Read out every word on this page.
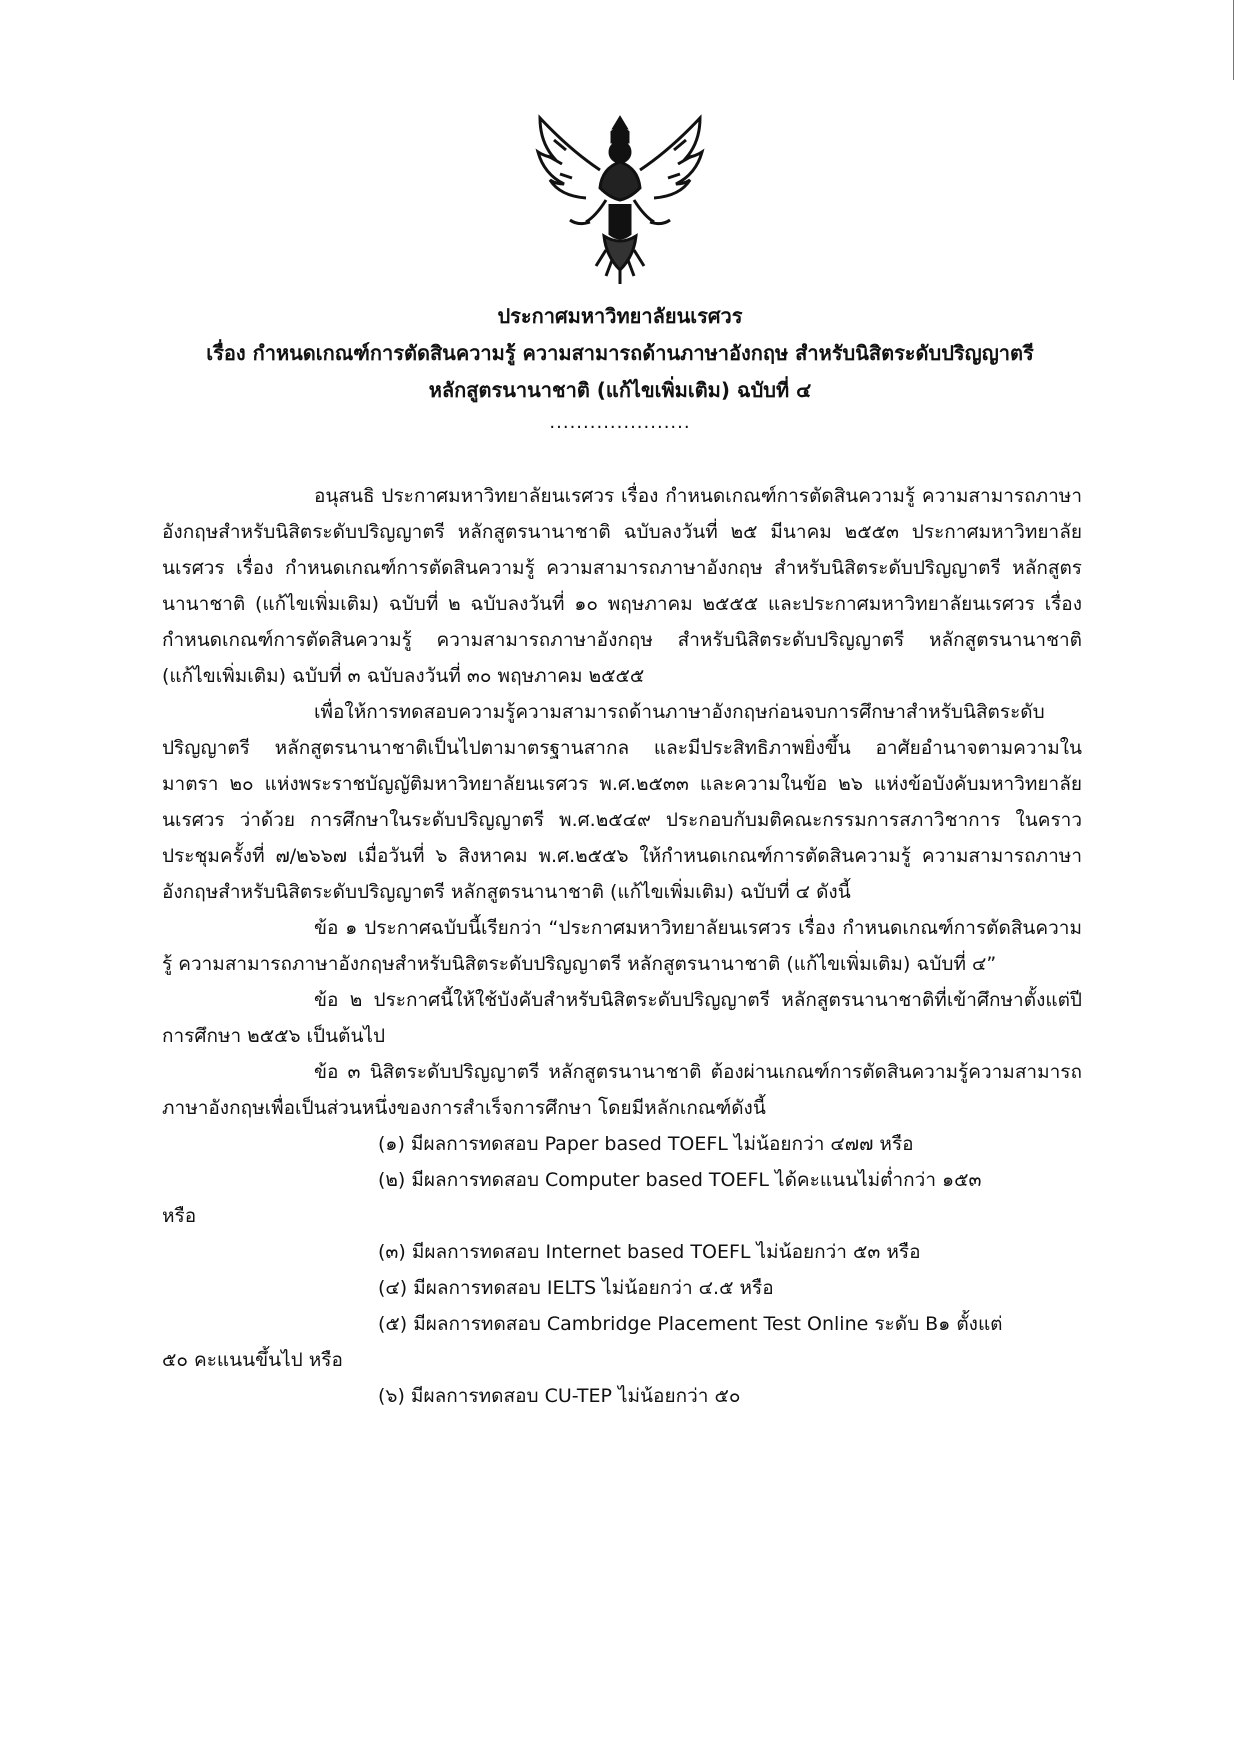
ประกาศมหาวิทยาลัยนเรศวร
เรื่อง กำหนดเกณฑ์การตัดสินความรู้ ความสามารถด้านภาษาอังกฤษ สำหรับนิสิตระดับปริญญาตรี
หลักสูตรนานาชาติ (แก้ไขเพิ่มเติม) ฉบับที่ ๔
.....................

อนุสนธิ ประกาศมหาวิทยาลัยนเรศวร เรื่อง กำหนดเกณฑ์การตัดสินความรู้ ความสามารถภาษาอังกฤษสำหรับนิสิตระดับปริญญาตรี หลักสูตรนานาชาติ ฉบับลงวันที่ ๒๕ มีนาคม ๒๕๕๓ ประกาศมหาวิทยาลัยนเรศวร เรื่อง กำหนดเกณฑ์การตัดสินความรู้ ความสามารถภาษาอังกฤษ สำหรับนิสิตระดับปริญญาตรี หลักสูตรนานาชาติ (แก้ไขเพิ่มเติม) ฉบับที่ ๒ ฉบับลงวันที่ ๑๐ พฤษภาคม ๒๕๕๕ และประกาศมหาวิทยาลัยนเรศวร เรื่อง กำหนดเกณฑ์การตัดสินความรู้ ความสามารถภาษาอังกฤษ สำหรับนิสิตระดับปริญญาตรี หลักสูตรนานาชาติ (แก้ไขเพิ่มเติม) ฉบับที่ ๓ ฉบับลงวันที่ ๓๐ พฤษภาคม ๒๕๕๕

เพื่อให้การทดสอบความรู้ความสามารถด้านภาษาอังกฤษก่อนจบการศึกษาสำหรับนิสิตระดับปริญญาตรี หลักสูตรนานาชาติเป็นไปตามาตรฐานสากล และมีประสิทธิภาพยิ่งขึ้น อาศัยอำนาจตามความในมาตรา ๒๐ แห่งพระราชบัญญัติมหาวิทยาลัยนเรศวร พ.ศ.๒๕๓๓ และความในข้อ ๒๖ แห่งข้อบังคับมหาวิทยาลัยนเรศวร ว่าด้วย การศึกษาในระดับปริญญาตรี พ.ศ.๒๕๔๙ ประกอบกับมติคณะกรรมการสภาวิชาการ ในคราวประชุมครั้งที่ ๗/๒๖๖๗ เมื่อวันที่ ๖ สิงหาคม พ.ศ.๒๕๕๖ ให้กำหนดเกณฑ์การตัดสินความรู้ ความสามารถภาษาอังกฤษสำหรับนิสิตระดับปริญญาตรี หลักสูตรนานาชาติ (แก้ไขเพิ่มเติม) ฉบับที่ ๔ ดังนี้

ข้อ ๑ ประกาศฉบับนี้เรียกว่า “ประกาศมหาวิทยาลัยนเรศวร เรื่อง กำหนดเกณฑ์การตัดสินความรู้ ความสามารถภาษาอังกฤษสำหรับนิสิตระดับปริญญาตรี หลักสูตรนานาชาติ (แก้ไขเพิ่มเติม) ฉบับที่ ๔”

ข้อ ๒ ประกาศนี้ให้ใช้บังคับสำหรับนิสิตระดับปริญญาตรี หลักสูตรนานาชาติที่เข้าศึกษาตั้งแต่ปีการศึกษา ๒๕๕๖ เป็นต้นไป

ข้อ ๓ นิสิตระดับปริญญาตรี หลักสูตรนานาชาติ ต้องผ่านเกณฑ์การตัดสินความรู้ความสามารถภาษาอังกฤษเพื่อเป็นส่วนหนึ่งของการสำเร็จการศึกษา โดยมีหลักเกณฑ์ดังนี้

(๑) มีผลการทดสอบ Paper based TOEFL ไม่น้อยกว่า ๔๗๗ หรือ

(๒) มีผลการทดสอบ Computer based TOEFL ได้คะแนนไม่ต่ำกว่า ๑๕๓

หรือ

(๓) มีผลการทดสอบ Internet based TOEFL ไม่น้อยกว่า ๕๓ หรือ

(๔) มีผลการทดสอบ IELTS ไม่น้อยกว่า ๔.๕ หรือ

(๕) มีผลการทดสอบ Cambridge Placement Test Online ระดับ B๑ ตั้งแต่

๕๐ คะแนนขึ้นไป หรือ

(๖) มีผลการทดสอบ CU-TEP ไม่น้อยกว่า ๕๐
